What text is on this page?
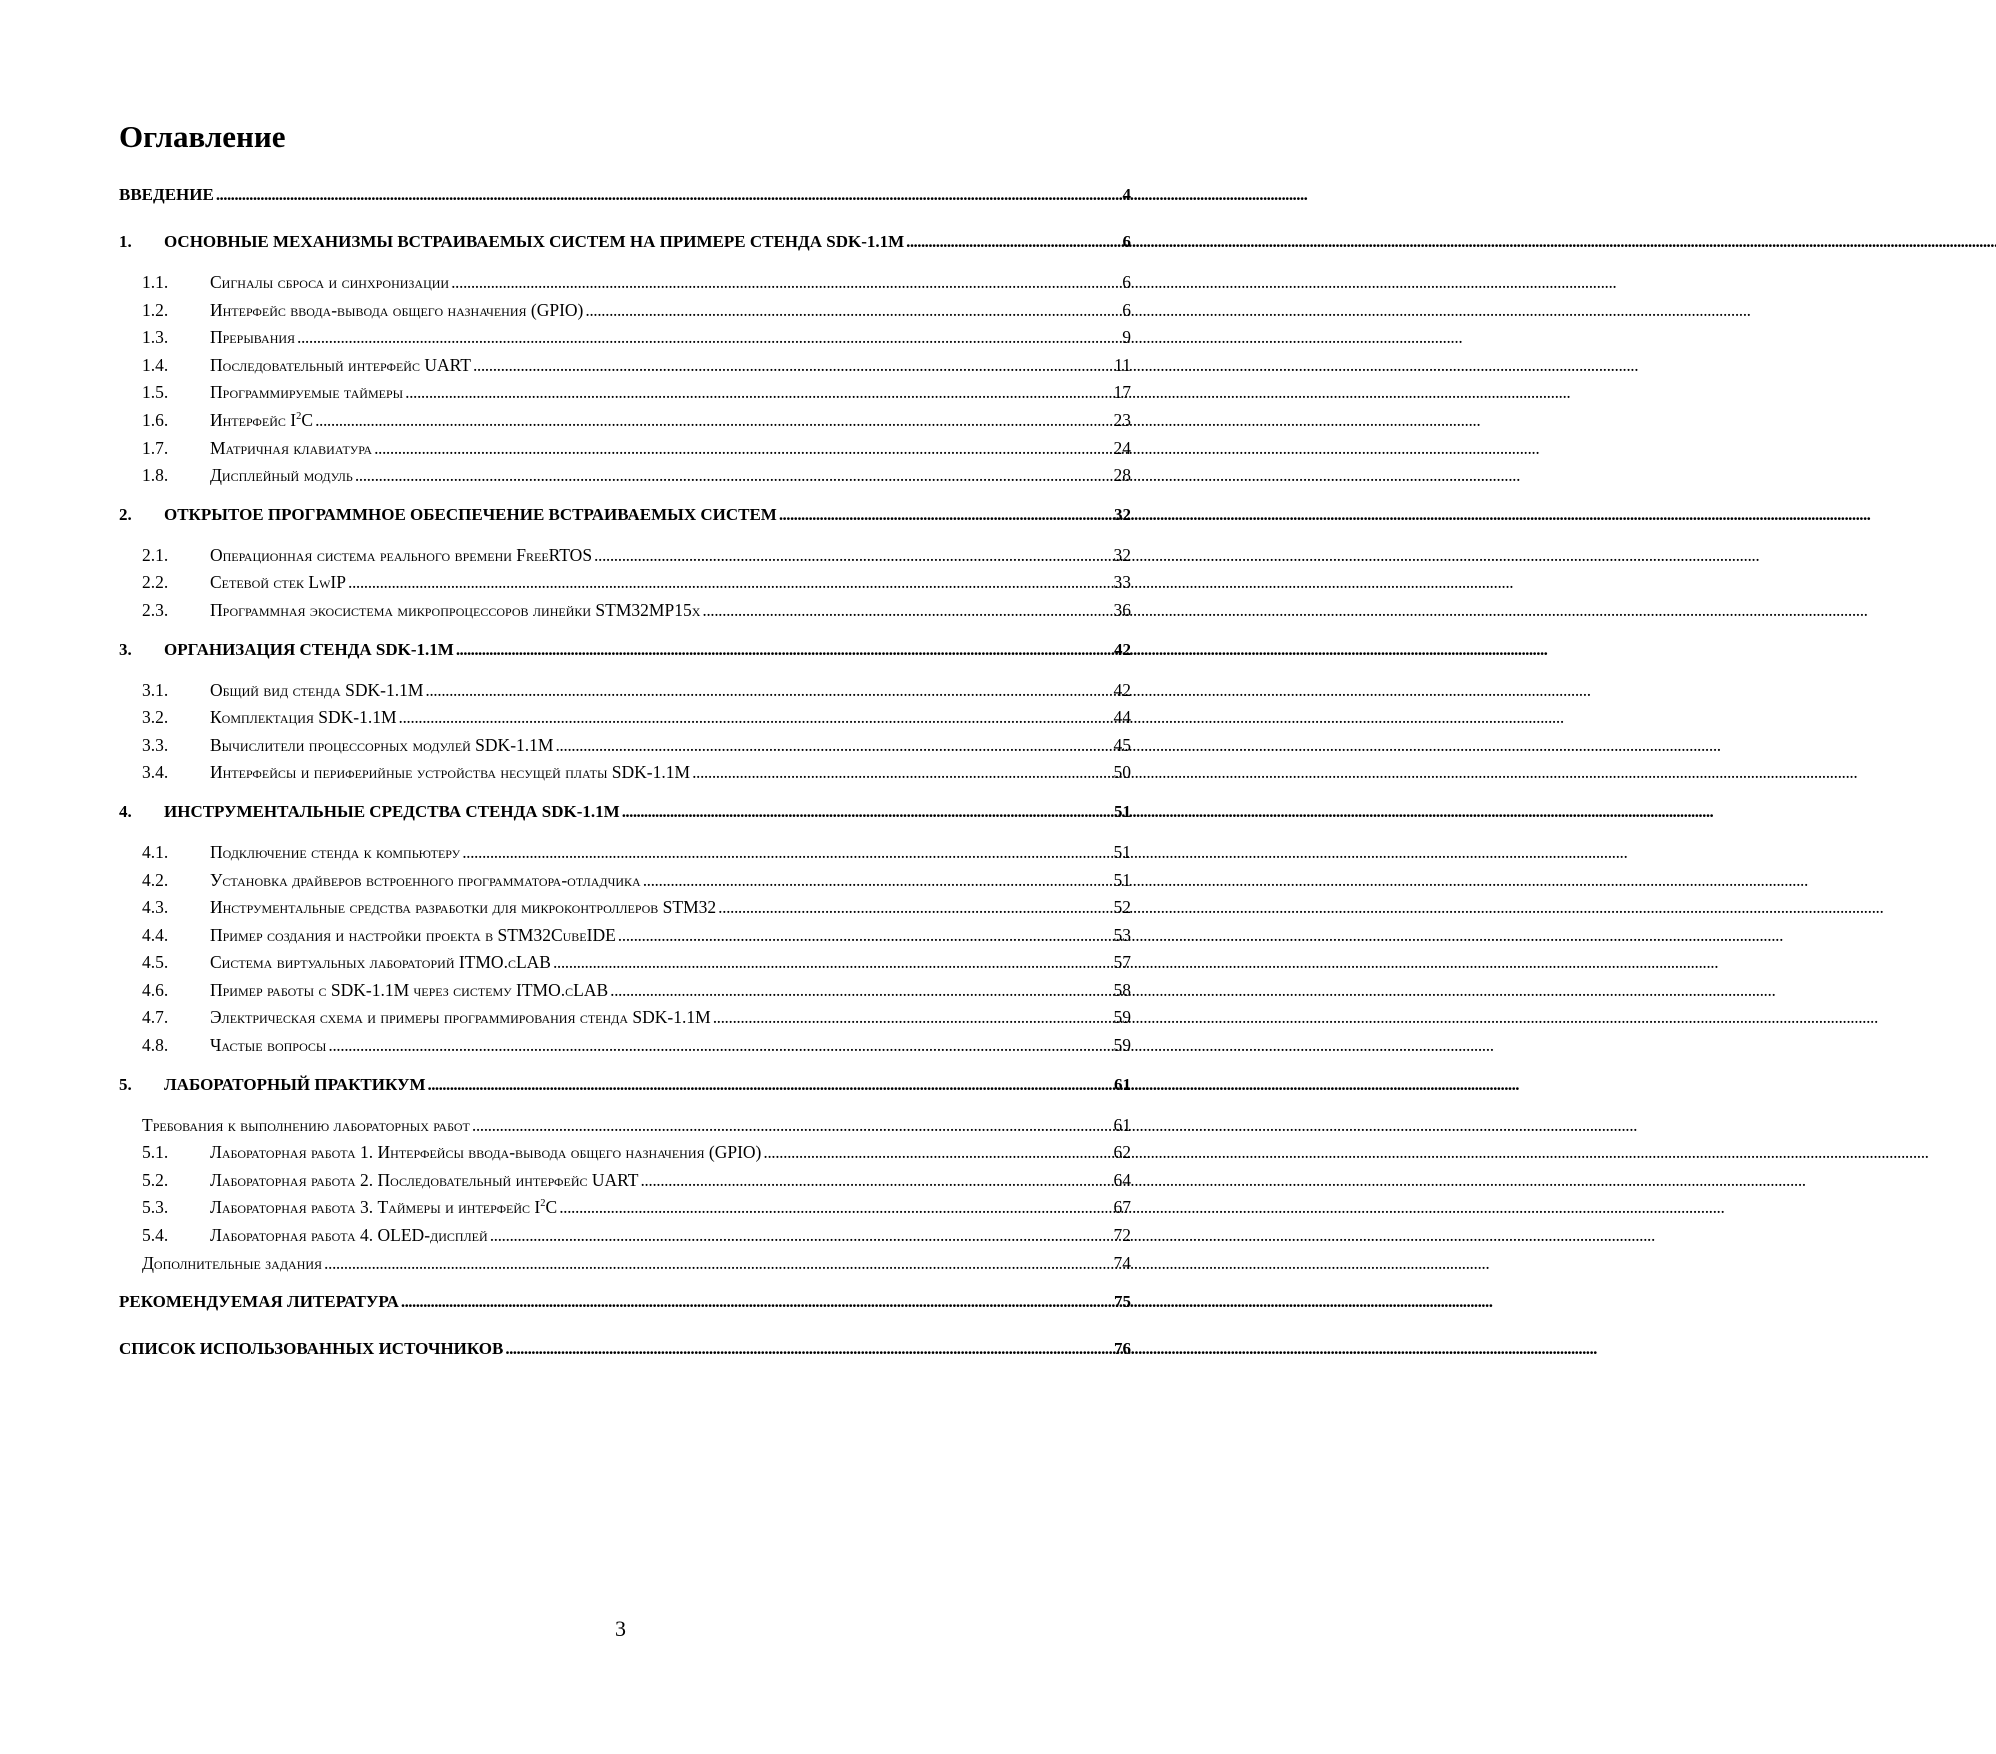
Оглавление
ВВЕДЕНИЕ . . .	4
1.	ОСНОВНЫЕ МЕХАНИЗМЫ ВСТРАИВАЕМЫХ СИСТЕМ НА ПРИМЕРЕ СТЕНДА SDK-1.1M . . .	6
1.1.	Сигналы сброса и синхронизации . . .	6
1.2.	Интерфейс ввода-вывода общего назначения (GPIO) . . .	6
1.3.	Прерывания . . .	9
1.4.	Последовательный интерфейс UART . . .	11
1.5.	Программируемые таймеры . . .	17
1.6.	Интерфейс $I^2C$ . . .	23
1.7.	Матричная клавиатура . . .	24
1.8.	Дисплейный модуль . . .	28
2.	ОТКРЫТОЕ ПРОГРАММНОЕ ОБЕСПЕЧЕНИЕ ВСТРАИВАЕМЫХ СИСТЕМ . . .	32
2.1.	Операционная система реального времени FreeRTOS . . .	32
2.2.	Сетевой стек LwIP . . .	33
2.3.	Программная экосистема микропроцессоров линейки STM32MP15x . . .	36
3.	ОРГАНИЗАЦИЯ СТЕНДА SDK-1.1M . . .	42
3.1.	Общий вид стенда SDK-1.1M . . .	42
3.2.	Комплектация SDK-1.1M . . .	44
3.3.	Вычислители процессорных модулей SDK-1.1M . . .	45
3.4.	Интерфейсы и периферийные устройства несущей платы SDK-1.1M . . .	50
4.	ИНСТРУМЕНТАЛЬНЫЕ СРЕДСТВА СТЕНДА SDK-1.1M . . .	51
4.1.	Подключение стенда к компьютеру . . .	51
4.2.	Установка драйверов встроенного программатора-отладчика . . .	51
4.3.	Инструментальные средства разработки для микроконтроллеров STM32 . . .	52
4.4.	Пример создания и настройки проекта в STM32CubeIDE . . .	53
4.5.	Система виртуальных лабораторий ITMO.cLAB . . .	57
4.6.	Пример работы с SDK-1.1M через систему ITMO.cLAB . . .	58
4.7.	Электрическая схема и примеры программирования стенда SDK-1.1M . . .	59
4.8.	Частые вопросы . . .	59
5.	ЛАБОРАТОРНЫЙ ПРАКТИКУМ . . .	61
Требования к выполнению лабораторных работ . . .	61
5.1.	Лабораторная работа 1. Интерфейсы ввода-вывода общего назначения (GPIO) . . .	62
5.2.	Лабораторная работа 2. Последовательный интерфейс UART . . .	64
5.3.	Лабораторная работа 3. Таймеры и интерфейс $I^2C$ . . .	67
5.4.	Лабораторная работа 4. OLED-дисплей . . .	72
Дополнительные задания . . .	74
РЕКОМЕНДУЕМАЯ ЛИТЕРАТУРА . . .	75
СПИСОК ИСПОЛЬЗОВАННЫХ ИСТОЧНИКОВ . . .	76
3
